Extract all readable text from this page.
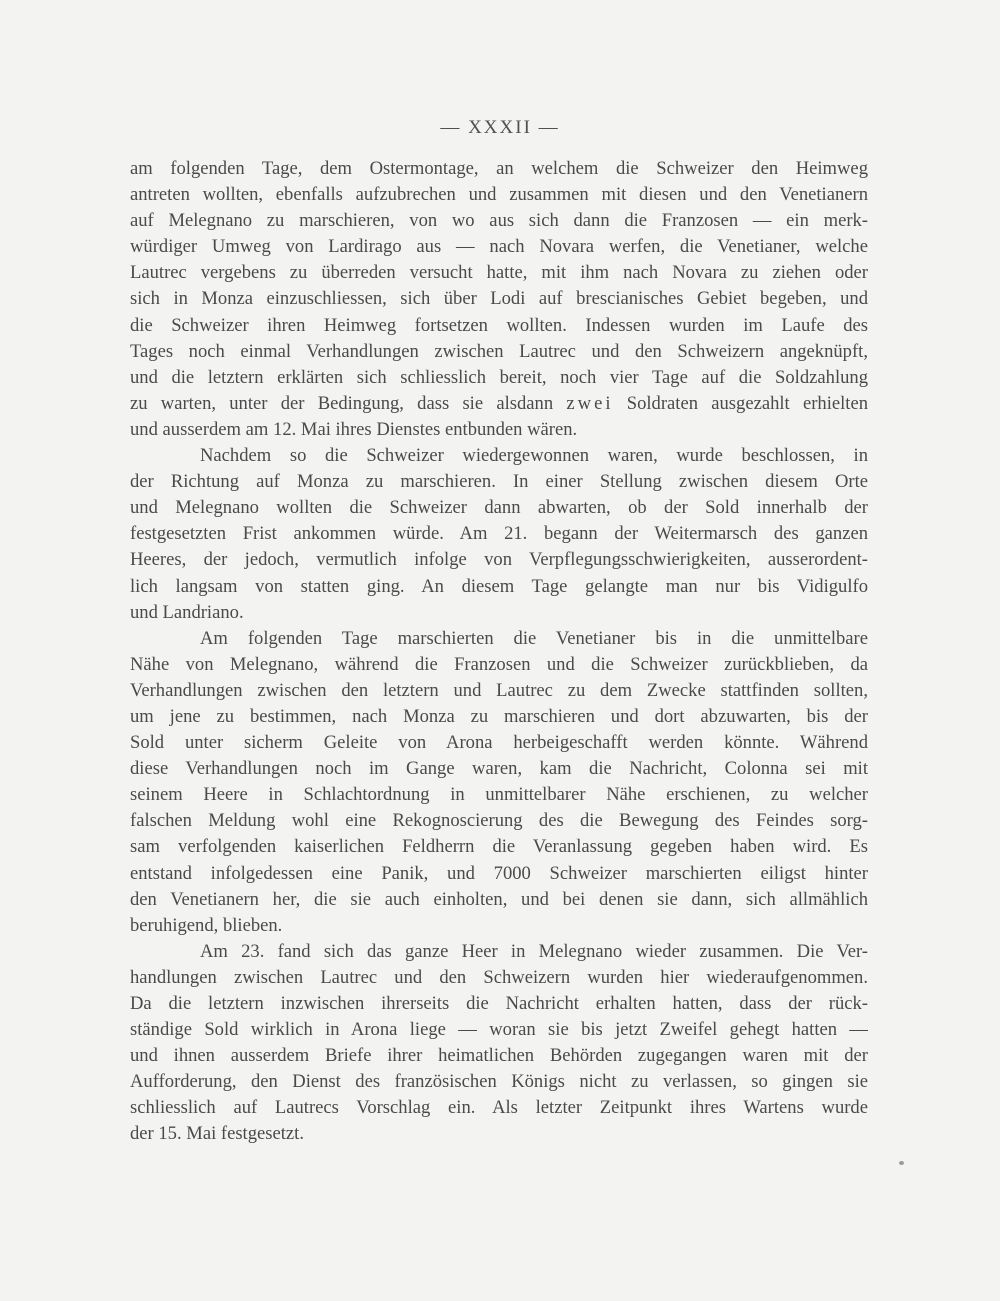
— XXXII —
am folgenden Tage, dem Ostermontage, an welchem die Schweizer den Heimweg
antreten wollten, ebenfalls aufzubrechen und zusammen mit diesen und den Venetianern
auf Melegnano zu marschieren, von wo aus sich dann die Franzosen — ein merk-
würdiger Umweg von Lardirago aus — nach Novara werfen, die Venetianer, welche
Lautrec vergebens zu überreden versucht hatte, mit ihm nach Novara zu ziehen oder
sich in Monza einzuschliessen, sich über Lodi auf brescianisches Gebiet begeben, und
die Schweizer ihren Heimweg fortsetzen wollten. Indessen wurden im Laufe des
Tages noch einmal Verhandlungen zwischen Lautrec und den Schweizern angeknüpft,
und die letztern erklärten sich schliesslich bereit, noch vier Tage auf die Soldzahlung
zu warten, unter der Bedingung, dass sie alsdann zwei Soldraten ausgezahlt erhielten
und ausserdem am 12. Mai ihres Dienstes entbunden wären.
Nachdem so die Schweizer wiedergewonnen waren, wurde beschlossen, in
der Richtung auf Monza zu marschieren. In einer Stellung zwischen diesem Orte
und Melegnano wollten die Schweizer dann abwarten, ob der Sold innerhalb der
festgesetzten Frist ankommen würde. Am 21. begann der Weitermarsch des ganzen
Heeres, der jedoch, vermutlich infolge von Verpflegungsschwierigkeiten, ausserordent-
lich langsam von statten ging. An diesem Tage gelangte man nur bis Vidigulfo
und Landriano.
Am folgenden Tage marschierten die Venetianer bis in die unmittelbare
Nähe von Melegnano, während die Franzosen und die Schweizer zurückblieben, da
Verhandlungen zwischen den letztern und Lautrec zu dem Zwecke stattfinden sollten,
um jene zu bestimmen, nach Monza zu marschieren und dort abzuwarten, bis der
Sold unter sicherm Geleite von Arona herbeigeschafft werden könnte. Während
diese Verhandlungen noch im Gange waren, kam die Nachricht, Colonna sei mit
seinem Heere in Schlachtordnung in unmittelbarer Nähe erschienen, zu welcher
falschen Meldung wohl eine Rekognoscierung des die Bewegung des Feindes sorg-
sam verfolgenden kaiserlichen Feldherrn die Veranlassung gegeben haben wird. Es
entstand infolgedessen eine Panik, und 7000 Schweizer marschierten eiligst hinter
den Venetianern her, die sie auch einholten, und bei denen sie dann, sich allmählich
beruhigend, blieben.
Am 23. fand sich das ganze Heer in Melegnano wieder zusammen. Die Ver-
handlungen zwischen Lautrec und den Schweizern wurden hier wiederaufgenommen.
Da die letztern inzwischen ihrerseits die Nachricht erhalten hatten, dass der rück-
ständige Sold wirklich in Arona liege — woran sie bis jetzt Zweifel gehegt hatten —
und ihnen ausserdem Briefe ihrer heimatlichen Behörden zugegangen waren mit der
Aufforderung, den Dienst des französischen Königs nicht zu verlassen, so gingen sie
schliesslich auf Lautrecs Vorschlag ein. Als letzter Zeitpunkt ihres Wartens wurde
der 15. Mai festgesetzt.
